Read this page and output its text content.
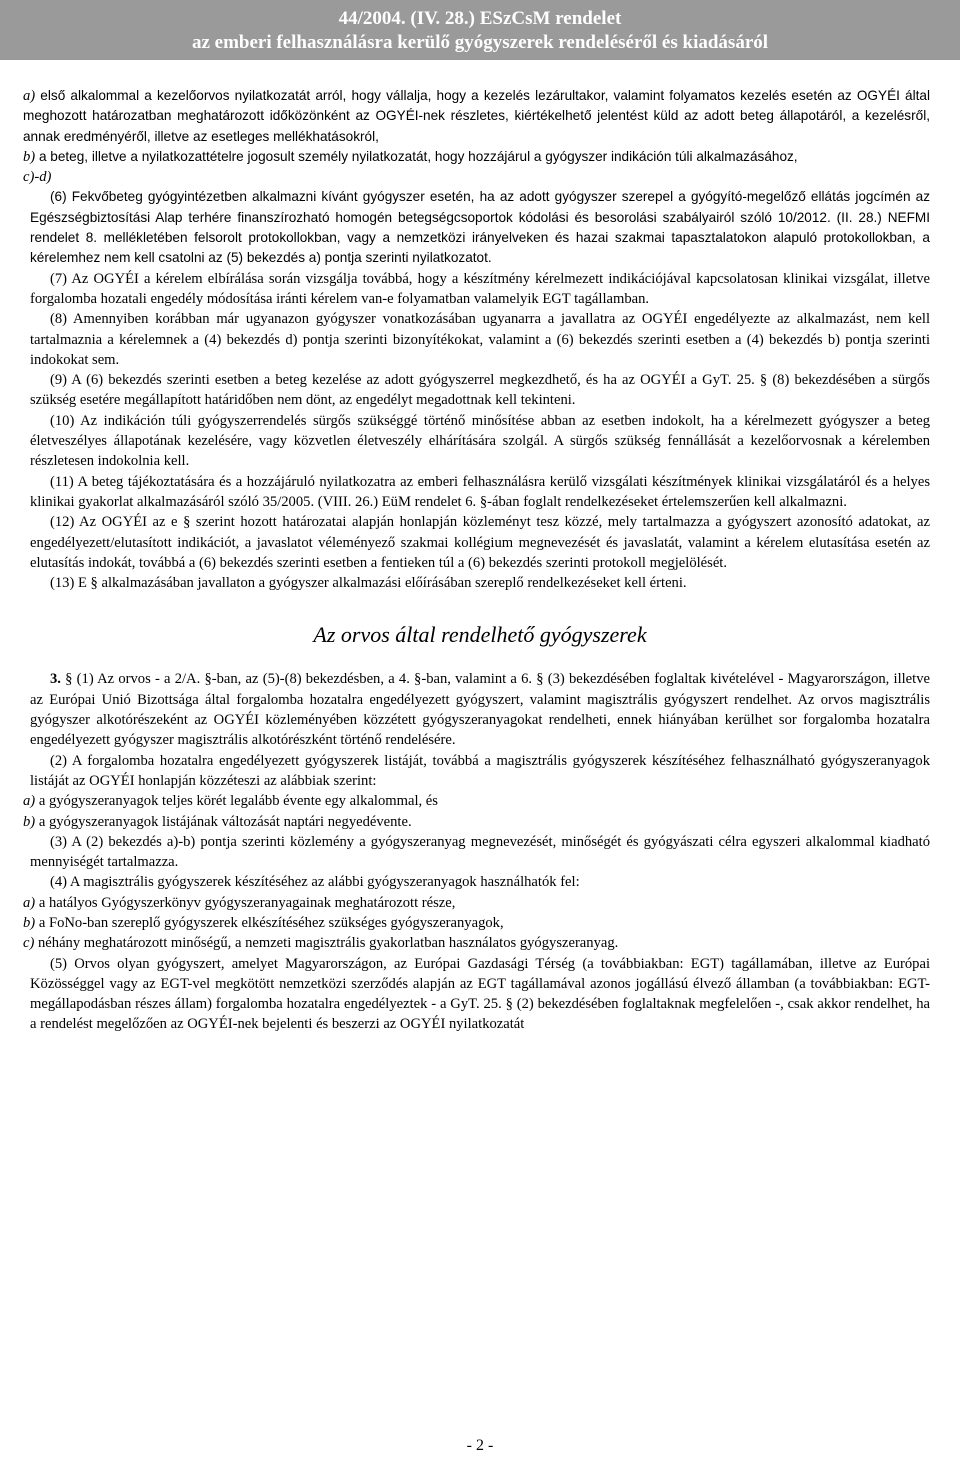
44/2004. (IV. 28.) ESzCsM rendelet
az emberi felhasználásra kerülő gyógyszerek rendeléséről és kiadásáról

a) első alkalommal a kezelőorvos nyilatkozatát arról, hogy vállalja, hogy a kezelés lezárultakor, valamint folyamatos kezelés esetén az OGYÉI által meghozott határozatban meghatározott időközönként az OGYÉI-nek részletes, kiértékelhető jelentést küld az adott beteg állapotáról, a kezelésről, annak eredményéről, illetve az esetleges mellékhatásokról,

b) a beteg, illetve a nyilatkozattételre jogosult személy nyilatkozatát, hogy hozzájárul a gyógyszer indikáción túli alkalmazásához,

c)-d)

(6) Fekvőbeteg gyógyintézetben alkalmazni kívánt gyógyszer esetén, ha az adott gyógyszer szerepel a gyógyító-megelőző ellátás jogcímén az Egészségbiztosítási Alap terhére finanszírozható homogén betegségcsoportok kódolási és besorolási szabályairól szóló 10/2012. (II. 28.) NEFMI rendelet 8. mellékletében felsorolt protokollokban, vagy a nemzetközi irányelveken és hazai szakmai tapasztalatokon alapuló protokollokban, a kérelemhez nem kell csatolni az (5) bekezdés a) pontja szerinti nyilatkozatot.

(7) Az OGYÉI a kérelem elbírálása során vizsgálja továbbá, hogy a készítmény kérelmezett indikációjával kapcsolatosan klinikai vizsgálat, illetve forgalomba hozatali engedély módosítása iránti kérelem van-e folyamatban valamelyik EGT tagállamban.

(8) Amennyiben korábban már ugyanazon gyógyszer vonatkozásában ugyanarra a javallatra az OGYÉI engedélyezte az alkalmazást, nem kell tartalmaznia a kérelemnek a (4) bekezdés d) pontja szerinti bizonyítékokat, valamint a (6) bekezdés szerinti esetben a (4) bekezdés b) pontja szerinti indokokat sem.

(9) A (6) bekezdés szerinti esetben a beteg kezelése az adott gyógyszerrel megkezdhető, és ha az OGYÉI a GyT. 25. § (8) bekezdésében a sürgős szükség esetére megállapított határidőben nem dönt, az engedélyt megadottnak kell tekinteni.

(10) Az indikáción túli gyógyszerrendelés sürgős szükséggé történő minősítése abban az esetben indokolt, ha a kérelmezett gyógyszer a beteg életveszélyes állapotának kezelésére, vagy közvetlen életveszély elhárítására szolgál. A sürgős szükség fennállását a kezelőorvosnak a kérelemben részletesen indokolnia kell.

(11) A beteg tájékoztatására és a hozzájáruló nyilatkozatra az emberi felhasználásra kerülő vizsgálati készítmények klinikai vizsgálatáról és a helyes klinikai gyakorlat alkalmazásáról szóló 35/2005. (VIII. 26.) EüM rendelet 6. §-ában foglalt rendelkezéseket értelemszerűen kell alkalmazni.

(12) Az OGYÉI az e § szerint hozott határozatai alapján honlapján közleményt tesz közzé, mely tartalmazza a gyógyszert azonosító adatokat, az engedélyezett/elutasított indikációt, a javaslatot véleményező szakmai kollégium megnevezését és javaslatát, valamint a kérelem elutasítása esetén az elutasítás indokát, továbbá a (6) bekezdés szerinti esetben a fentieken túl a (6) bekezdés szerinti protokoll megjelölését.

(13) E § alkalmazásában javallaton a gyógyszer alkalmazási előírásában szereplő rendelkezéseket kell érteni.

Az orvos által rendelhető gyógyszerek

3. § (1) Az orvos - a 2/A. §-ban, az (5)-(8) bekezdésben, a 4. §-ban, valamint a 6. § (3) bekezdésében foglaltak kivételével - Magyarországon, illetve az Európai Unió Bizottsága által forgalomba hozatalra engedélyezett gyógyszert, valamint magisztrális gyógyszert rendelhet. Az orvos magisztrális gyógyszer alkotórészeként az OGYÉI közleményében közzétett gyógyszeranyagokat rendelheti, ennek hiányában kerülhet sor forgalomba hozatalra engedélyezett gyógyszer magisztrális alkotórészként történő rendelésére.

(2) A forgalomba hozatalra engedélyezett gyógyszerek listáját, továbbá a magisztrális gyógyszerek készítéséhez felhasználható gyógyszeranyagok listáját az OGYÉI honlapján közzéteszi az alábbiak szerint:

a) a gyógyszeranyagok teljes körét legalább évente egy alkalommal, és

b) a gyógyszeranyagok listájának változását naptári negyedévente.

(3) A (2) bekezdés a)-b) pontja szerinti közlemény a gyógyszeranyag megnevezését, minőségét és gyógyászati célra egyszeri alkalommal kiadható mennyiségét tartalmazza.

(4) A magisztrális gyógyszerek készítéséhez az alábbi gyógyszeranyagok használhatók fel:

a) a hatályos Gyógyszerkönyv gyógyszeranyagainak meghatározott része,

b) a FoNo-ban szereplő gyógyszerek elkészítéséhez szükséges gyógyszeranyagok,

c) néhány meghatározott minőségű, a nemzeti magisztrális gyakorlatban használatos gyógyszeranyag.

(5) Orvos olyan gyógyszert, amelyet Magyarországon, az Európai Gazdasági Térség (a továbbiakban: EGT) tagállamában, illetve az Európai Közösséggel vagy az EGT-vel megkötött nemzetközi szerződés alapján az EGT tagállamával azonos jogállású élvező államban (a továbbiakban: EGT-megállapodásban részes állam) forgalomba hozatalra engedélyeztek - a GyT. 25. § (2) bekezdésében foglaltaknak megfelelően -, csak akkor rendelhet, ha a rendelést megelőzően az OGYÉI-nek bejelenti és beszerzi az OGYÉI nyilatkozatát

- 2 -
